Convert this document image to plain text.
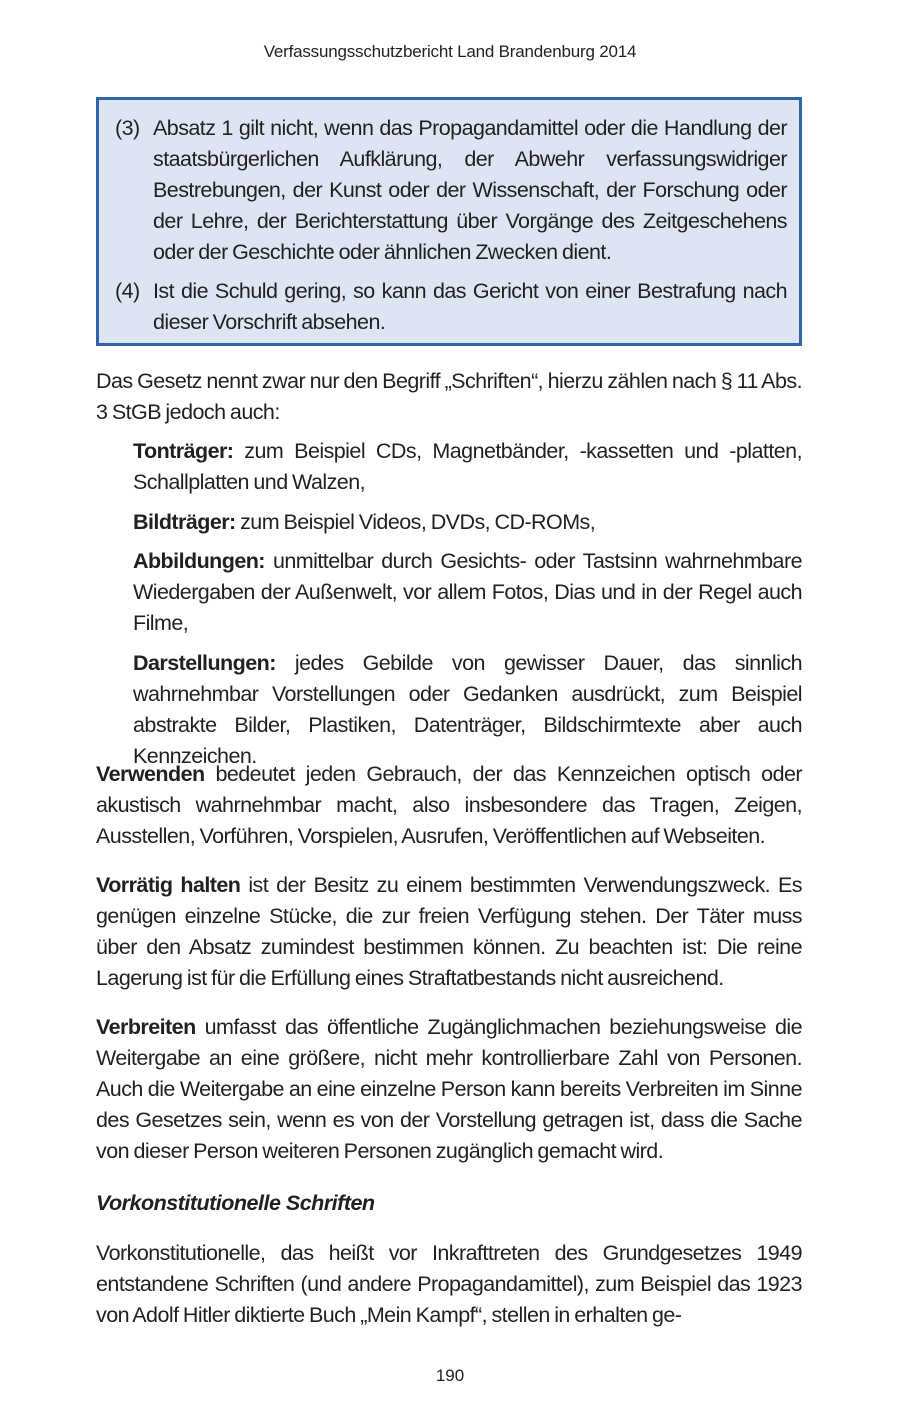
Verfassungsschutzbericht Land Brandenburg 2014
(3) Absatz 1 gilt nicht, wenn das Propagandamittel oder die Handlung der staatsbürgerlichen Aufklärung, der Abwehr verfassungswidriger Bestrebungen, der Kunst oder der Wissenschaft, der Forschung oder der Lehre, der Berichterstattung über Vorgänge des Zeitgeschehens oder der Geschichte oder ähnlichen Zwecken dient.
(4) Ist die Schuld gering, so kann das Gericht von einer Bestrafung nach dieser Vorschrift absehen.
Das Gesetz nennt zwar nur den Begriff „Schriften“, hierzu zählen nach § 11 Abs. 3 StGB jedoch auch:
Tonträger: zum Beispiel CDs, Magnetbänder, -kassetten und -platten, Schallplatten und Walzen,
Bildträger: zum Beispiel Videos, DVDs, CD-ROMs,
Abbildungen: unmittelbar durch Gesichts- oder Tastsinn wahrnehmbare Wiedergaben der Außenwelt, vor allem Fotos, Dias und in der Regel auch Filme,
Darstellungen: jedes Gebilde von gewisser Dauer, das sinnlich wahrnehmbar Vorstellungen oder Gedanken ausdrückt, zum Beispiel abstrakte Bilder, Plastiken, Datenträger, Bildschirmtexte aber auch Kennzeichen.
Verwenden bedeutet jeden Gebrauch, der das Kennzeichen optisch oder akustisch wahrnehmbar macht, also insbesondere das Tragen, Zeigen, Ausstellen, Vorführen, Vorspielen, Ausrufen, Veröffentlichen auf Webseiten.
Vorrätig halten ist der Besitz zu einem bestimmten Verwendungszweck. Es genügen einzelne Stücke, die zur freien Verfügung stehen. Der Täter muss über den Absatz zumindest bestimmen können. Zu beachten ist: Die reine Lagerung ist für die Erfüllung eines Straftatbestands nicht ausreichend.
Verbreiten umfasst das öffentliche Zugänglichmachen beziehungsweise die Weitergabe an eine größere, nicht mehr kontrollierbare Zahl von Personen. Auch die Weitergabe an eine einzelne Person kann bereits Verbreiten im Sinne des Gesetzes sein, wenn es von der Vorstellung getragen ist, dass die Sache von dieser Person weiteren Personen zugänglich gemacht wird.
Vorkonstitutionelle Schriften
Vorkonstitutionelle, das heißt vor Inkrafttreten des Grundgesetzes 1949 entstandene Schriften (und andere Propagandamittel), zum Beispiel das 1923 von Adolf Hitler diktierte Buch „Mein Kampf“, stellen in erhalten ge-
190
